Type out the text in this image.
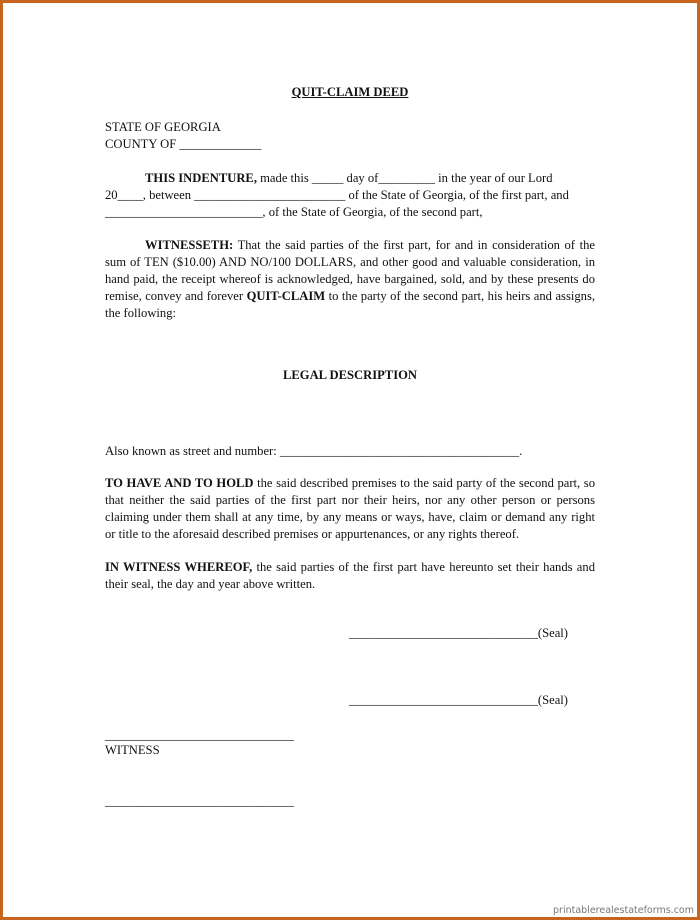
QUIT-CLAIM DEED
STATE OF GEORGIA
COUNTY OF _____________
THIS INDENTURE, made this _____ day of_________ in the year of our Lord
20____, between ________________________ of the State of Georgia, of the first part, and
_________________________, of the State of Georgia, of the second part,
WITNESSETH: That the said parties of the first part, for and in consideration of the sum of TEN ($10.00) AND NO/100 DOLLARS, and other good and valuable consideration, in hand paid, the receipt whereof is acknowledged, have bargained, sold, and by these presents do remise, convey and forever QUIT-CLAIM to the party of the second part, his heirs and assigns, the following:
LEGAL DESCRIPTION
Also known as street and number: ______________________________________.
TO HAVE AND TO HOLD the said described premises to the said party of the second part, so that neither the said parties of the first part nor their heirs, nor any other person or persons claiming under them shall at any time, by any means or ways, have, claim or demand any right or title to the aforesaid described premises or appurtenances, or any rights thereof.
IN WITNESS WHEREOF, the said parties of the first part have hereunto set their hands and their seal, the day and year above written.
______________________________(Seal)
______________________________(Seal)
______________________________
WITNESS
______________________________
printablerealestateforms.com
